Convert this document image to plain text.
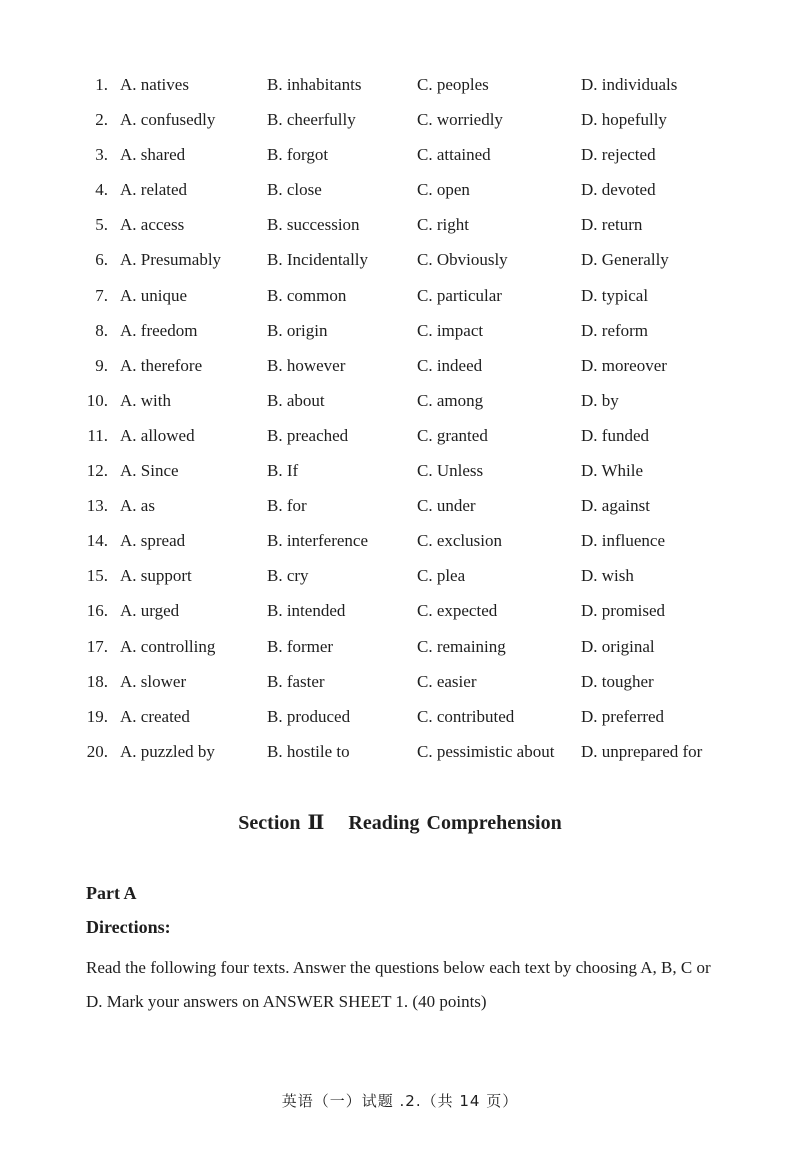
1. A. natives	B. inhabitants	C. peoples	D. individuals
2. A. confusedly	B. cheerfully	C. worriedly	D. hopefully
3. A. shared	B. forgot	C. attained	D. rejected
4. A. related	B. close	C. open	D. devoted
5. A. access	B. succession	C. right	D. return
6. A. Presumably	B. Incidentally	C. Obviously	D. Generally
7. A. unique	B. common	C. particular	D. typical
8. A. freedom	B. origin	C. impact	D. reform
9. A. therefore	B. however	C. indeed	D. moreover
10. A. with	B. about	C. among	D. by
11. A. allowed	B. preached	C. granted	D. funded
12. A. Since	B. If	C. Unless	D. While
13. A. as	B. for	C. under	D. against
14. A. spread	B. interference	C. exclusion	D. influence
15. A. support	B. cry	C. plea	D. wish
16. A. urged	B. intended	C. expected	D. promised
17. A. controlling	B. former	C. remaining	D. original
18. A. slower	B. faster	C. easier	D. tougher
19. A. created	B. produced	C. contributed	D. preferred
20. A. puzzled by	B. hostile to	C. pessimistic about D. unprepared for
Section Ⅱ Reading Comprehension
Part A
Directions:
Read the following four texts. Answer the questions below each text by choosing A, B, C or D. Mark your answers on ANSWER SHEET 1. (40 points)
英语（一）试题 .2.（共 14 页）
